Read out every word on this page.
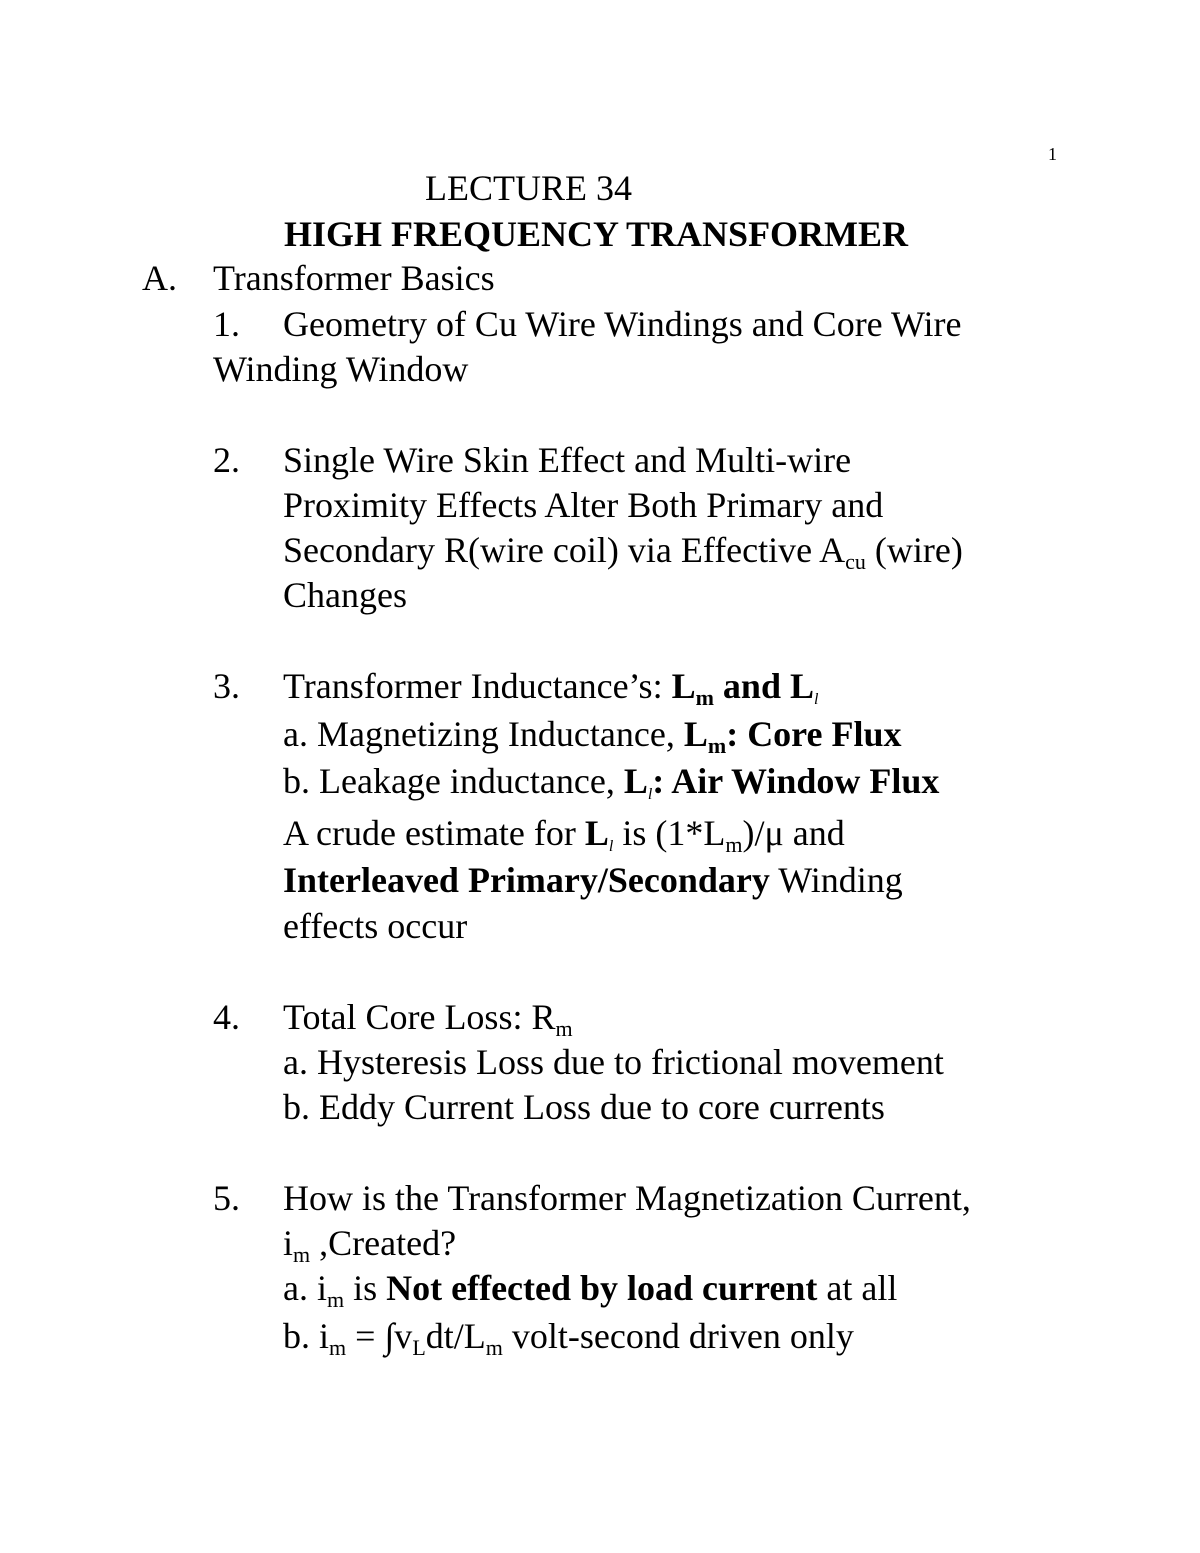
1
LECTURE 34
HIGH FREQUENCY TRANSFORMER
A. Transformer Basics
1. Geometry of Cu Wire Windings and Core Wire
Winding Window
2. Single Wire Skin Effect and Multi-wire
Proximity Effects Alter Both Primary and
Secondary R(wire coil) via Effective $A_{cu}$ (wire)
Changes
3. Transformer Inductance’s: $L_m$ and Ll
a. Magnetizing Inductance, $L_m$: Core Flux
b. Leakage inductance, Ll: Air Window Flux
A crude estimate for Ll is $(1*L_m)/\mu$ and
Interleaved Primary/Secondary Winding
effects occur
4. Total Core Loss: $R_m$
a. Hysteresis Loss due to frictional movement
b. Eddy Current Loss due to core currents
5. How is the Transformer Magnetization Current,
$i_m$ ,Created?
a. $i_m$ is Not effected by load current at all
b. $i_m = \int v_Ldt/L_m$ volt-second driven only
